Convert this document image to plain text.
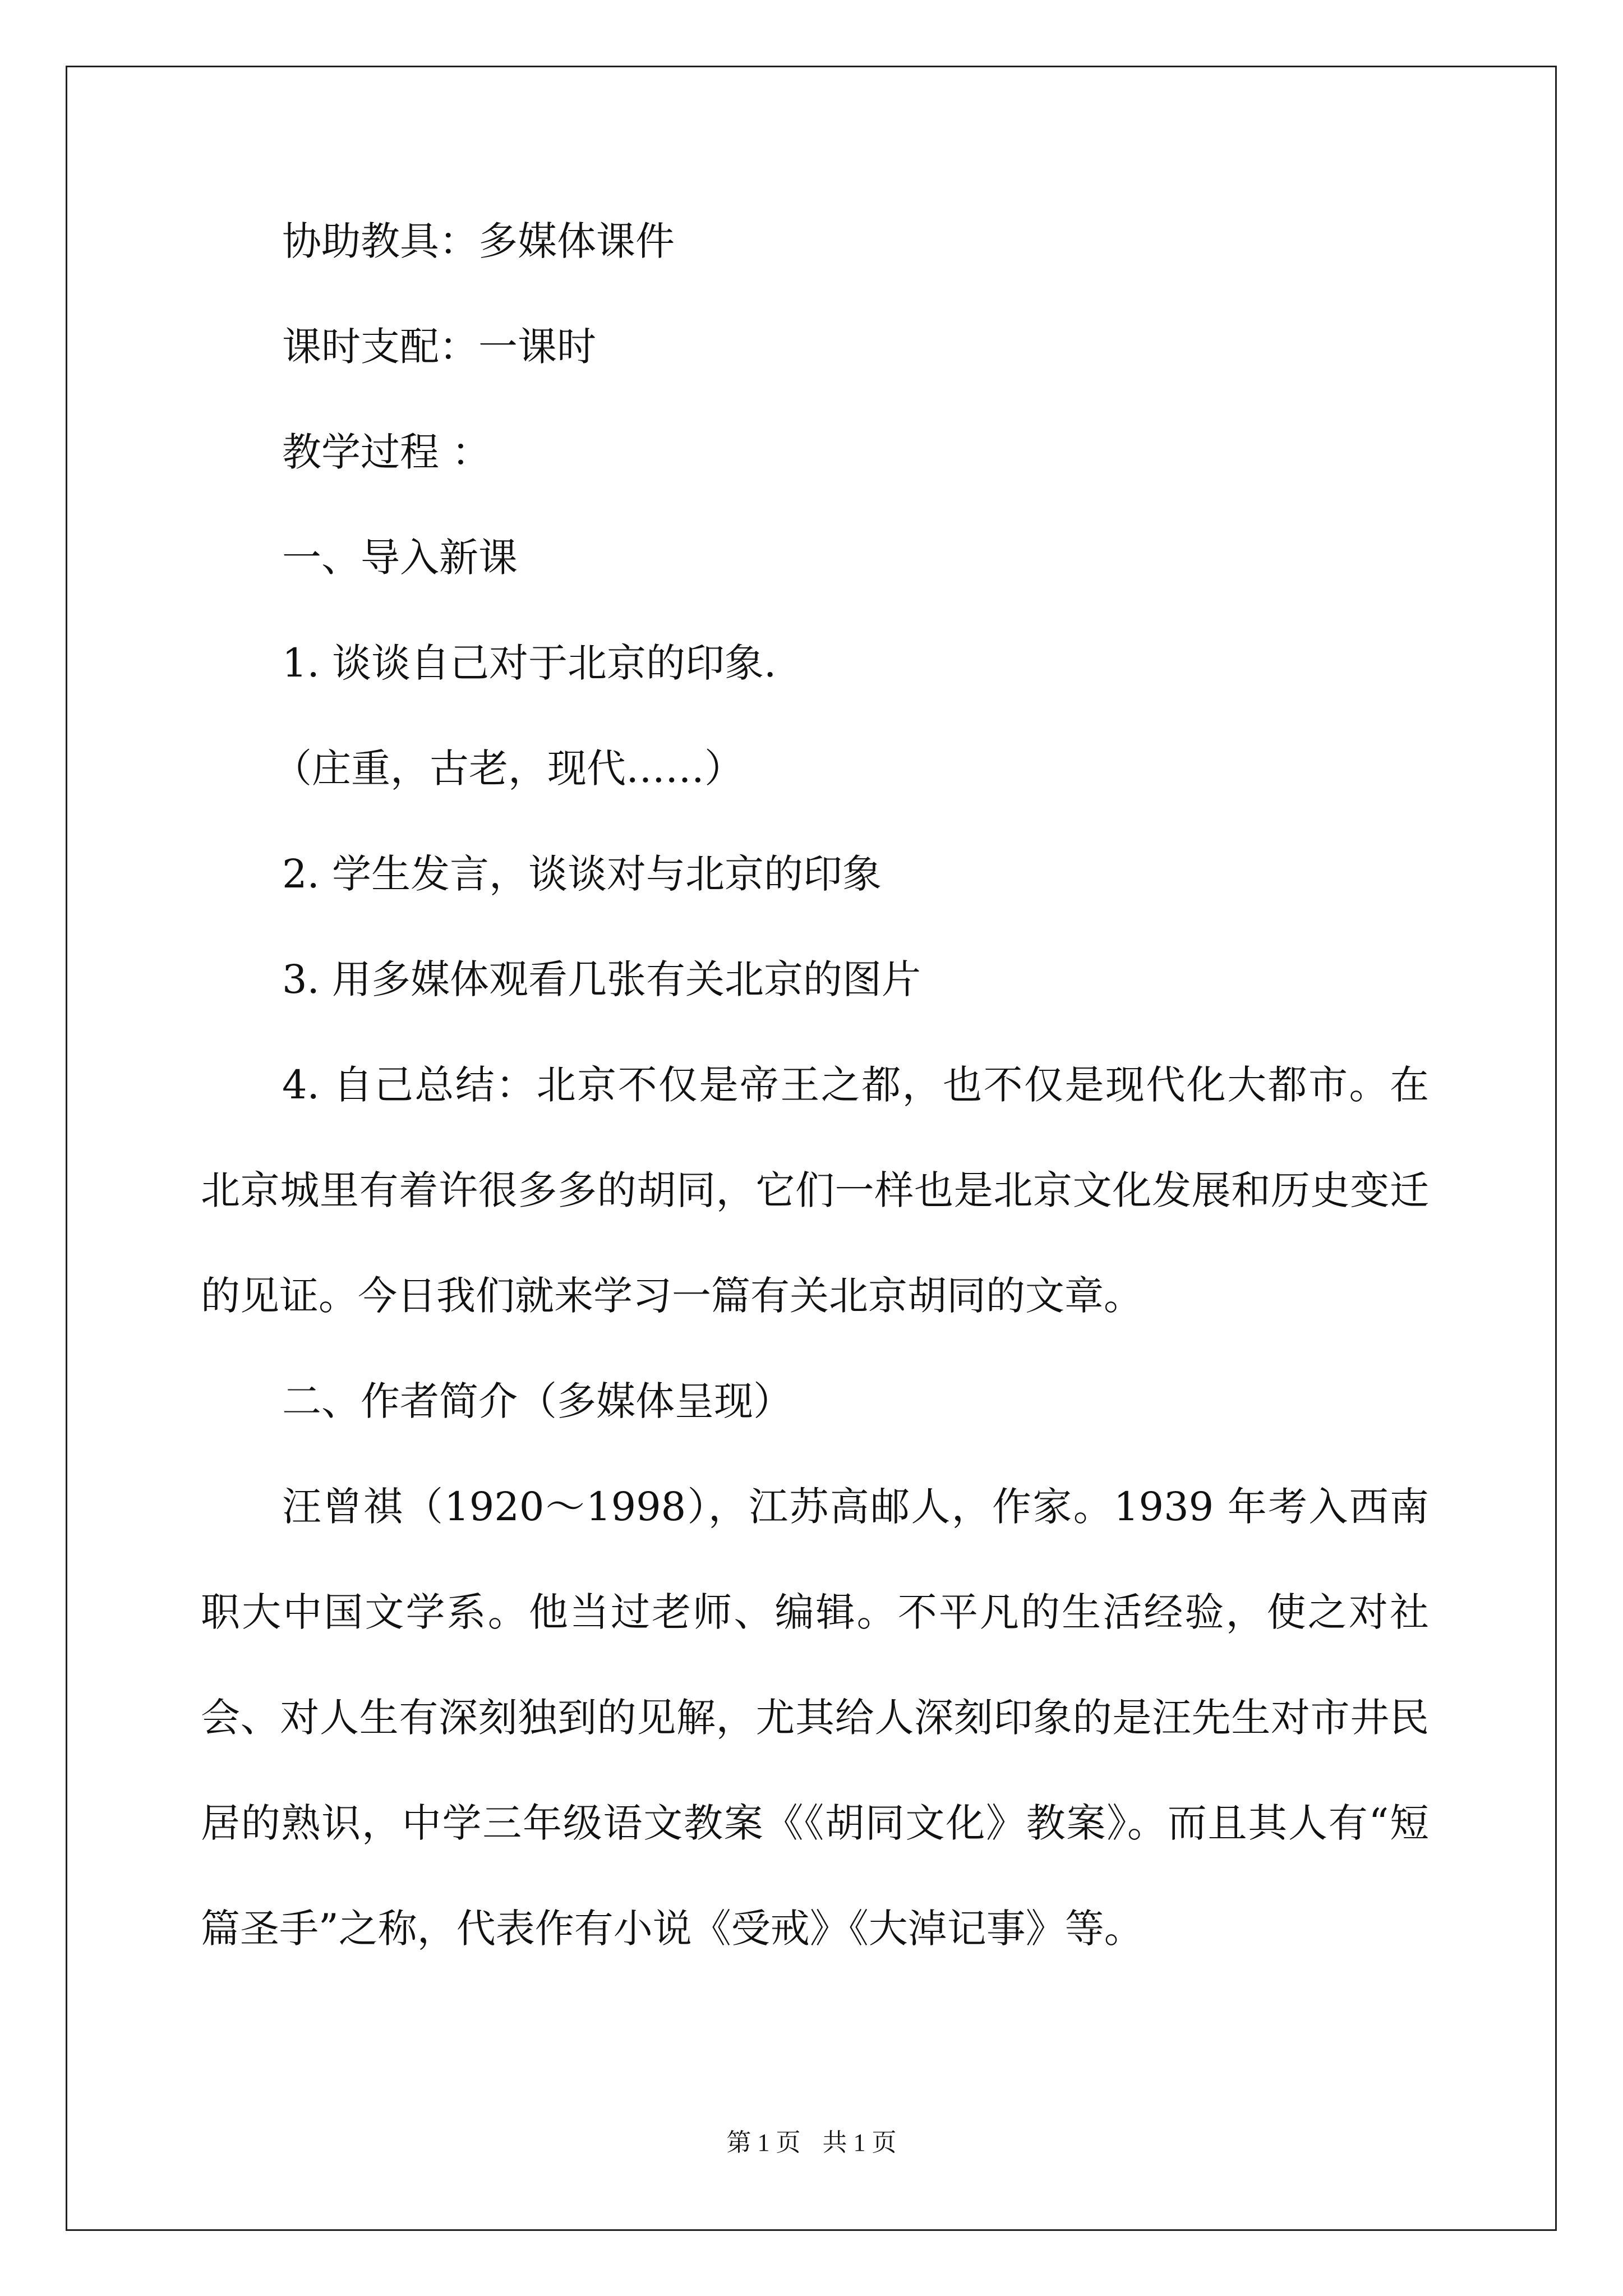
协助教具：多媒体课件
课时支配：一课时
教学过程 ：
一、导入新课
1. 谈谈自己对于北京的印象.
（庄重，古老，现代……）
2. 学生发言，谈谈对与北京的印象
3. 用多媒体观看几张有关北京的图片
4. 自己总结：北京不仅是帝王之都，也不仅是现代化大都市。在北京城里有着许很多多的胡同，它们一样也是北京文化发展和历史变迁的见证。今日我们就来学习一篇有关北京胡同的文章。
二、作者简介（多媒体呈现）
汪曾祺（1920～1998），江苏高邮人，作家。1939 年考入西南职大中国文学系。他当过老师、编辑。不平凡的生活经验，使之对社会、对人生有深刻独到的见解，尤其给人深刻印象的是汪先生对市井民居的熟识，中学三年级语文教案《《胡同文化》教案》。而且其人有“短篇圣手”之称，代表作有小说《受戒》《大淖记事》等。
第 1 页 共 1 页
